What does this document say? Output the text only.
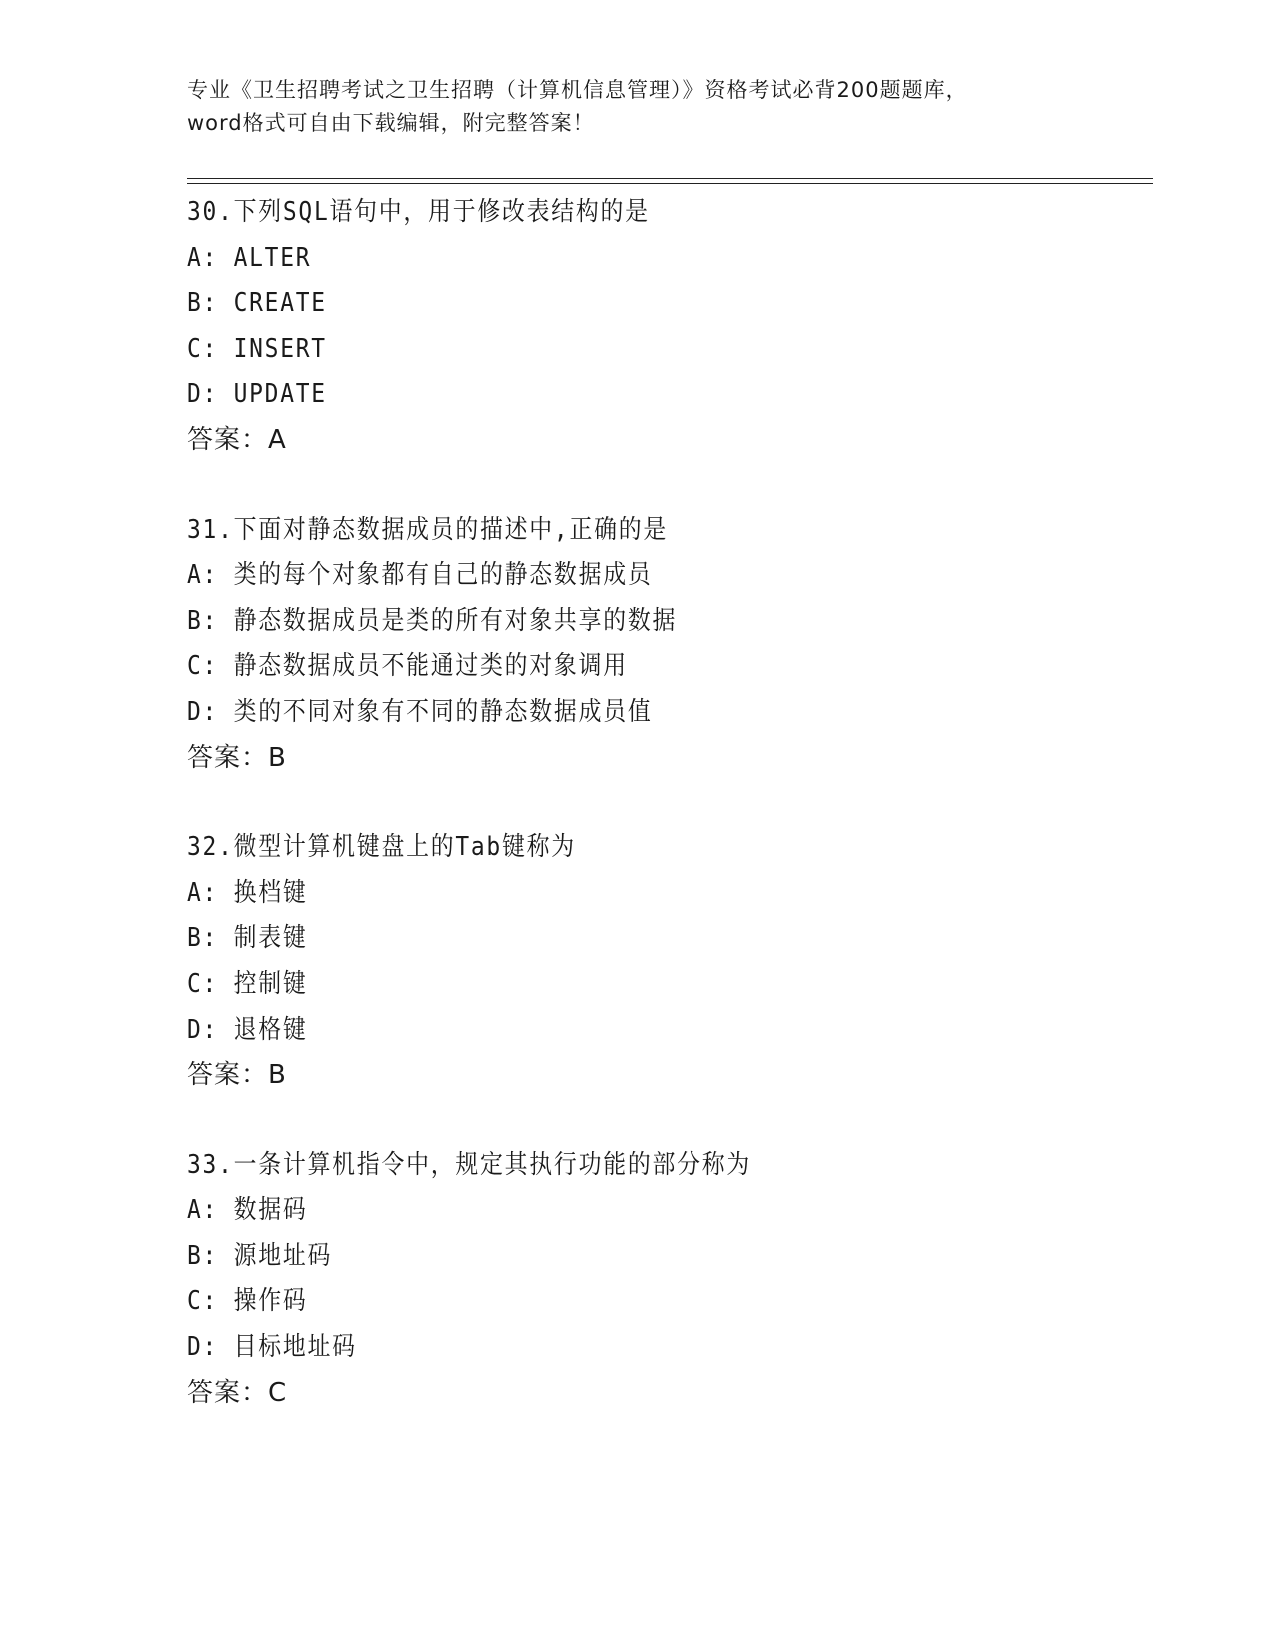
专业《卫生招聘考试之卫生招聘（计算机信息管理）》资格考试必背200题题库，
word格式可自由下载编辑，附完整答案！
30.下列SQL语句中，用于修改表结构的是
A: ALTER
B: CREATE
C: INSERT
D: UPDATE
答案：A
31.下面对静态数据成员的描述中,正确的是
A: 类的每个对象都有自己的静态数据成员
B: 静态数据成员是类的所有对象共享的数据
C: 静态数据成员不能通过类的对象调用
D: 类的不同对象有不同的静态数据成员值
答案：B
32.微型计算机键盘上的Tab键称为
A: 换档键
B: 制表键
C: 控制键
D: 退格键
答案：B
33.一条计算机指令中，规定其执行功能的部分称为
A: 数据码
B: 源地址码
C: 操作码
D: 目标地址码
答案：C
